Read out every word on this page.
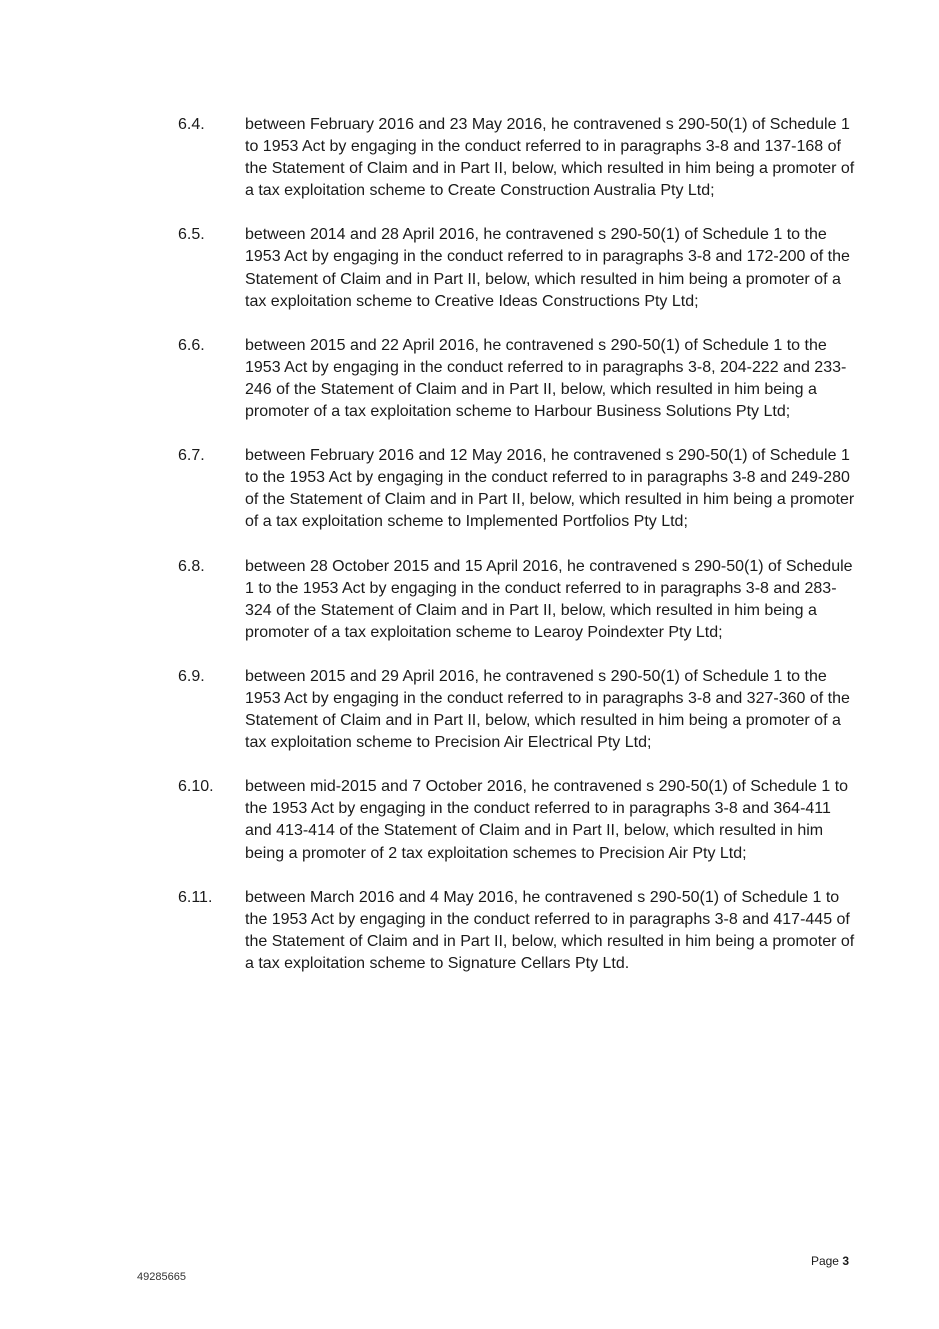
6.4.	between February 2016 and 23 May 2016, he contravened s 290-50(1) of Schedule 1 to 1953 Act by engaging in the conduct referred to in paragraphs 3-8 and 137-168 of the Statement of Claim and in Part II, below, which resulted in him being a promoter of a tax exploitation scheme to Create Construction Australia Pty Ltd;
6.5.	between 2014 and 28 April 2016, he contravened s 290-50(1) of Schedule 1 to the 1953 Act by engaging in the conduct referred to in paragraphs 3-8 and 172-200 of the Statement of Claim and in Part II, below, which resulted in him being a promoter of a tax exploitation scheme to Creative Ideas Constructions Pty Ltd;
6.6.	between 2015 and 22 April 2016, he contravened s 290-50(1) of Schedule 1 to the 1953 Act by engaging in the conduct referred to in paragraphs 3-8, 204-222 and 233-246 of the Statement of Claim and in Part II, below, which resulted in him being a promoter of a tax exploitation scheme to Harbour Business Solutions Pty Ltd;
6.7.	between February 2016 and 12 May 2016, he contravened s 290-50(1) of Schedule 1 to the 1953 Act by engaging in the conduct referred to in paragraphs 3-8 and 249-280 of the Statement of Claim and in Part II, below, which resulted in him being a promoter of a tax exploitation scheme to Implemented Portfolios Pty Ltd;
6.8.	between 28 October 2015 and 15 April 2016, he contravened s 290-50(1) of Schedule 1 to the 1953 Act by engaging in the conduct referred to in paragraphs 3-8 and 283-324 of the Statement of Claim and in Part II, below, which resulted in him being a promoter of a tax exploitation scheme to Learoy Poindexter Pty Ltd;
6.9.	between 2015 and 29 April 2016, he contravened s 290-50(1) of Schedule 1 to the 1953 Act by engaging in the conduct referred to in paragraphs 3-8 and 327-360 of the Statement of Claim and in Part II, below, which resulted in him being a promoter of a tax exploitation scheme to Precision Air Electrical Pty Ltd;
6.10.	between mid-2015 and 7 October 2016, he contravened s 290-50(1) of Schedule 1 to the 1953 Act by engaging in the conduct referred to in paragraphs 3-8 and 364-411 and 413-414 of the Statement of Claim and in Part II, below, which resulted in him being a promoter of 2 tax exploitation schemes to Precision Air Pty Ltd;
6.11.	between March 2016 and 4 May 2016, he contravened s 290-50(1) of Schedule 1 to the 1953 Act by engaging in the conduct referred to in paragraphs 3-8 and 417-445 of the Statement of Claim and in Part II, below, which resulted in him being a promoter of a tax exploitation scheme to Signature Cellars Pty Ltd.
Page 3
49285665
